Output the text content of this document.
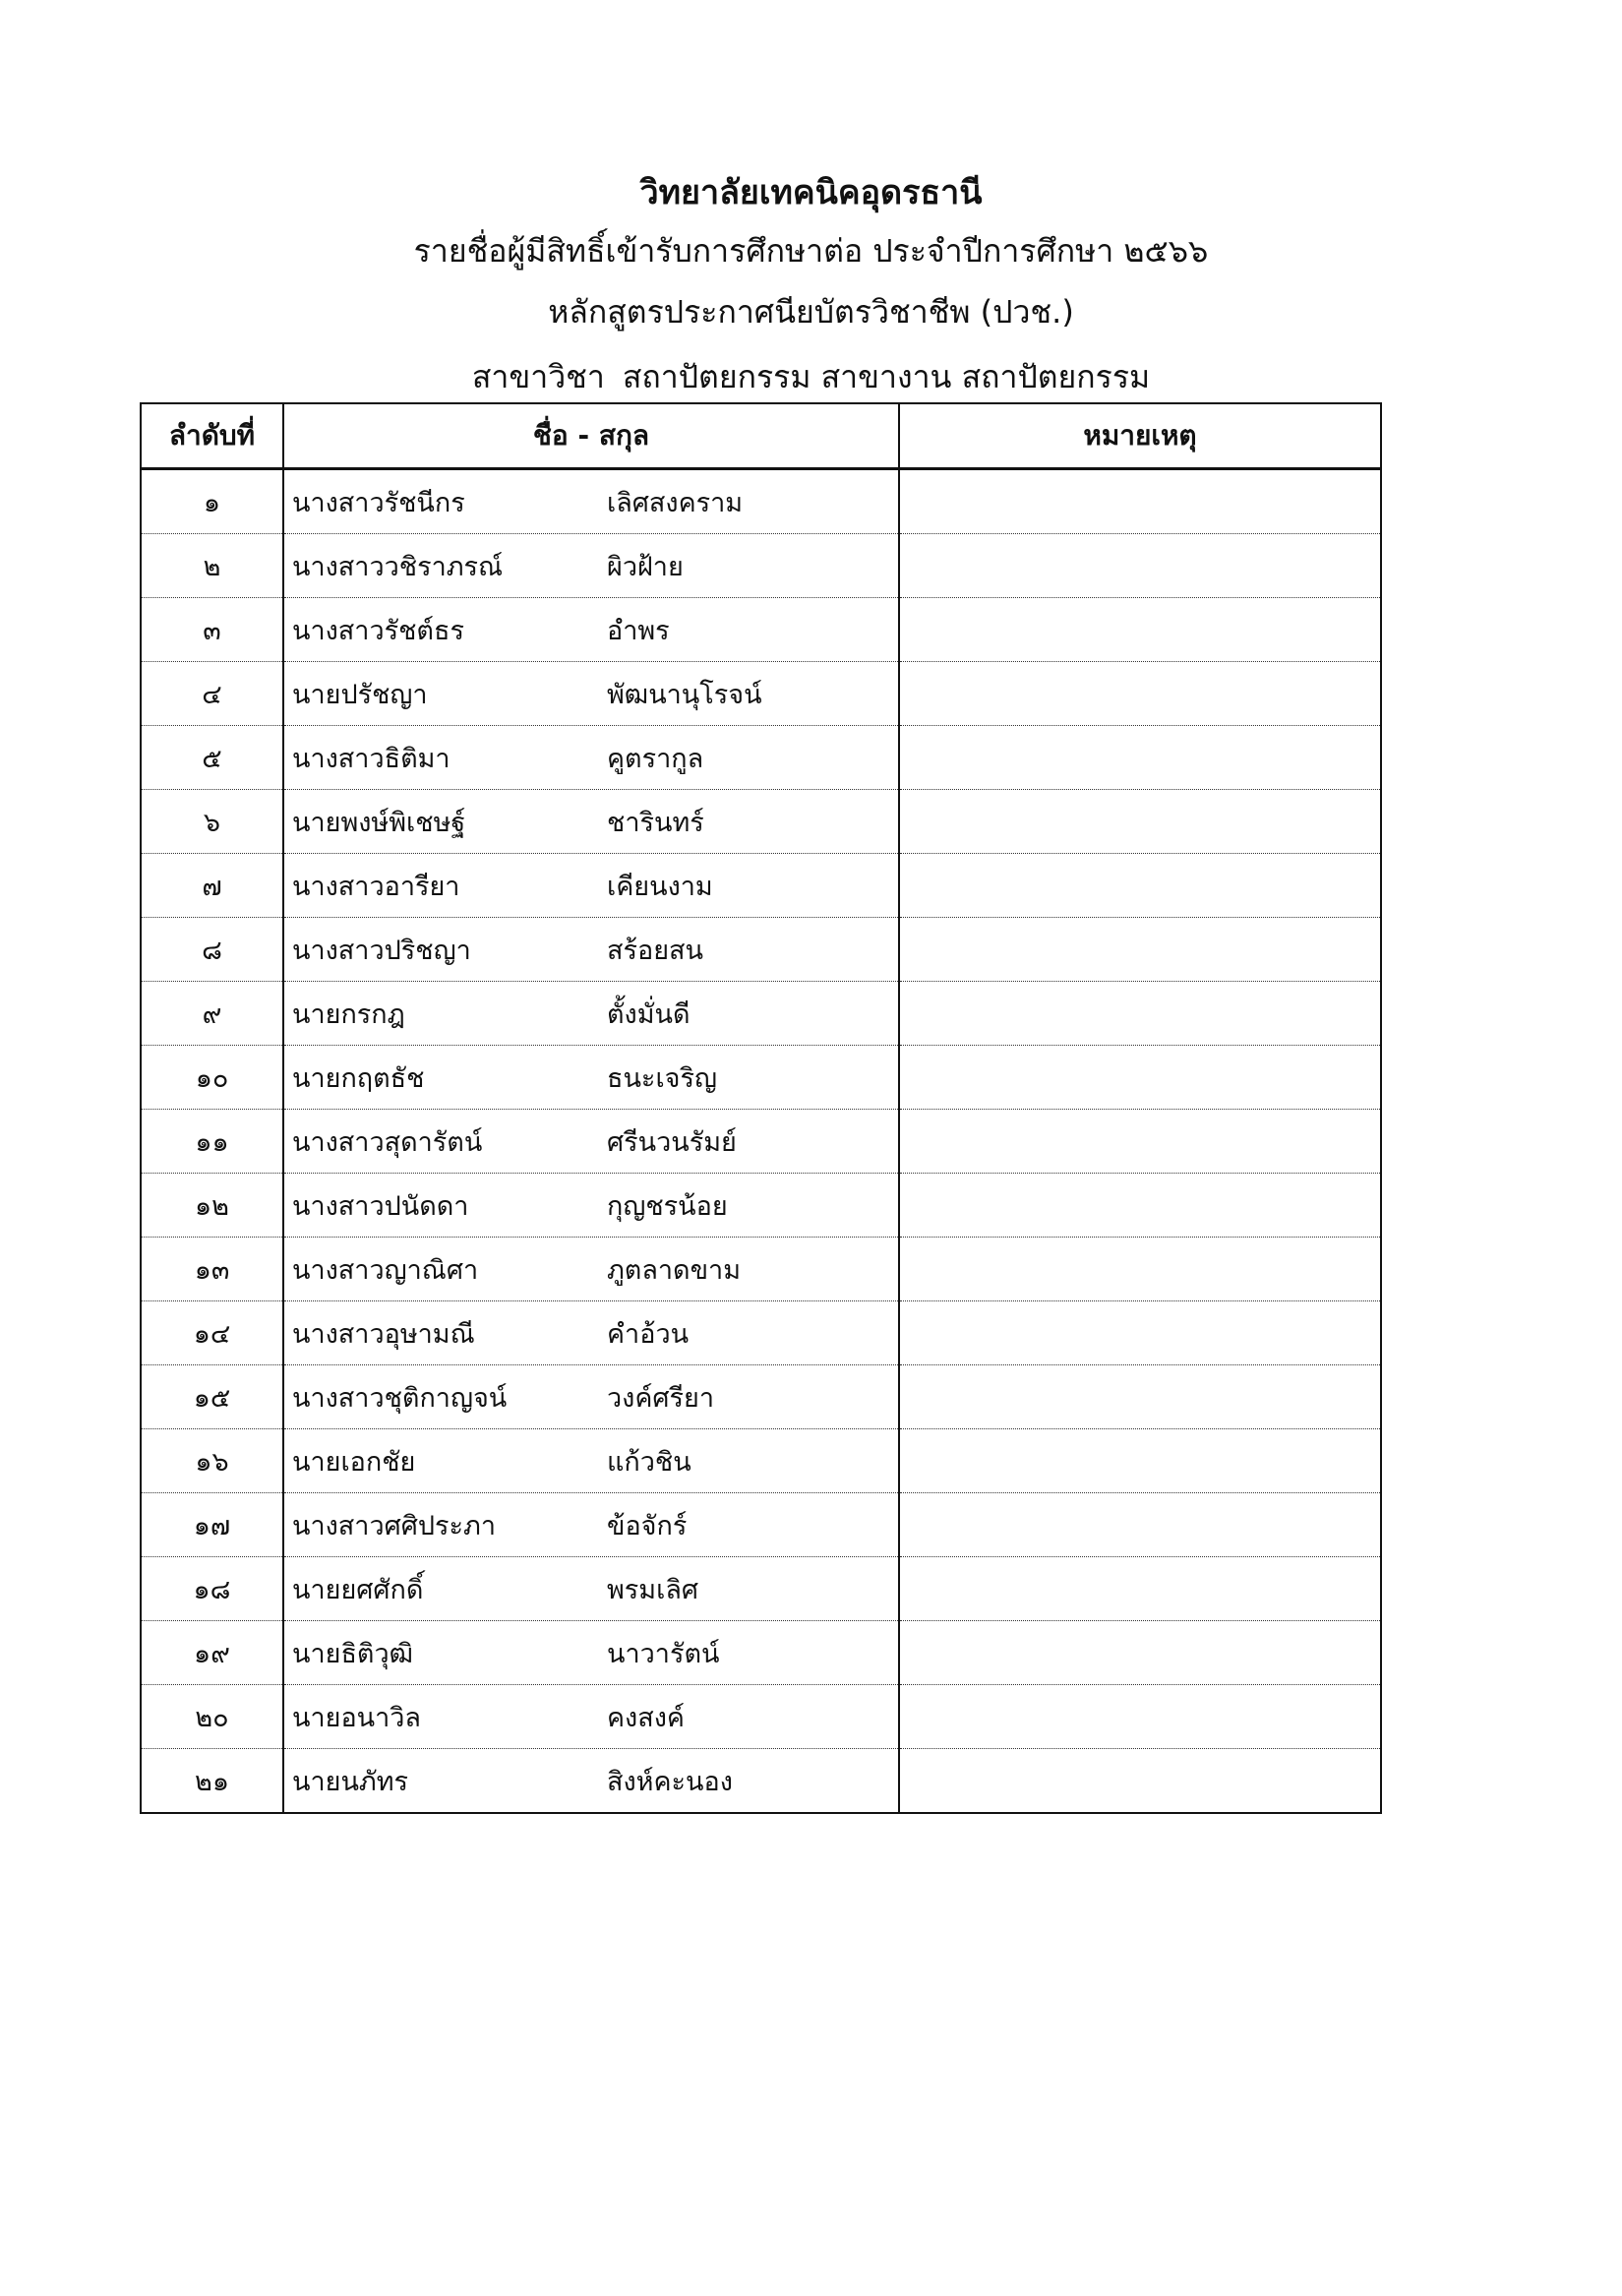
วิทยาลัยเทคนิคอุดรธานี
รายชื่อผู้มีสิทธิ์เข้ารับการศึกษาต่อ ประจำปีการศึกษา ๒๕๖๖
หลักสูตรประกาศนียบัตรวิชาชีพ (ปวช.)
สาขาวิชา สถาปัตยกรรม สาขางาน สถาปัตยกรรม
ลำดับที่	ชื่อ - สกุล	หมายเหตุ
๑	นางสาวรัชนีกร เลิศสงคราม	

๒	นางสาววชิราภรณ์ ผิวฝ้าย	

๓	นางสาวรัชต์ธร อำพร	

๔	นายปรัชญา พัฒนานุโรจน์	

๕	นางสาวธิติมา คูตรากูล	

๖	นายพงษ์พิเชษฐ์ ชารินทร์	

๗	นางสาวอารียา เคียนงาม	

๘	นางสาวปริชญา สร้อยสน	

๙	นายกรกฎ ตั้งมั่นดี	

๑๐	นายกฤตธัช ธนะเจริญ	

๑๑	นางสาวสุดารัตน์ ศรีนวนรัมย์	

๑๒	นางสาวปนัดดา กุญชรน้อย	

๑๓	นางสาวญาณิศา ภูตลาดขาม	

๑๔	นางสาวอุษามณี คำอ้วน	

๑๕	นางสาวชุติกาญจน์ วงค์ศรียา	

๑๖	นายเอกชัย แก้วชิน	

๑๗	นางสาวศศิประภา ข้อจักร์	

๑๘	นายยศศักดิ์ พรมเลิศ	

๑๙	นายธิติวุฒิ นาวารัตน์	

๒๐	นายอนาวิล คงสงค์	

๒๑	นายนภัทร สิงห์คะนอง	
